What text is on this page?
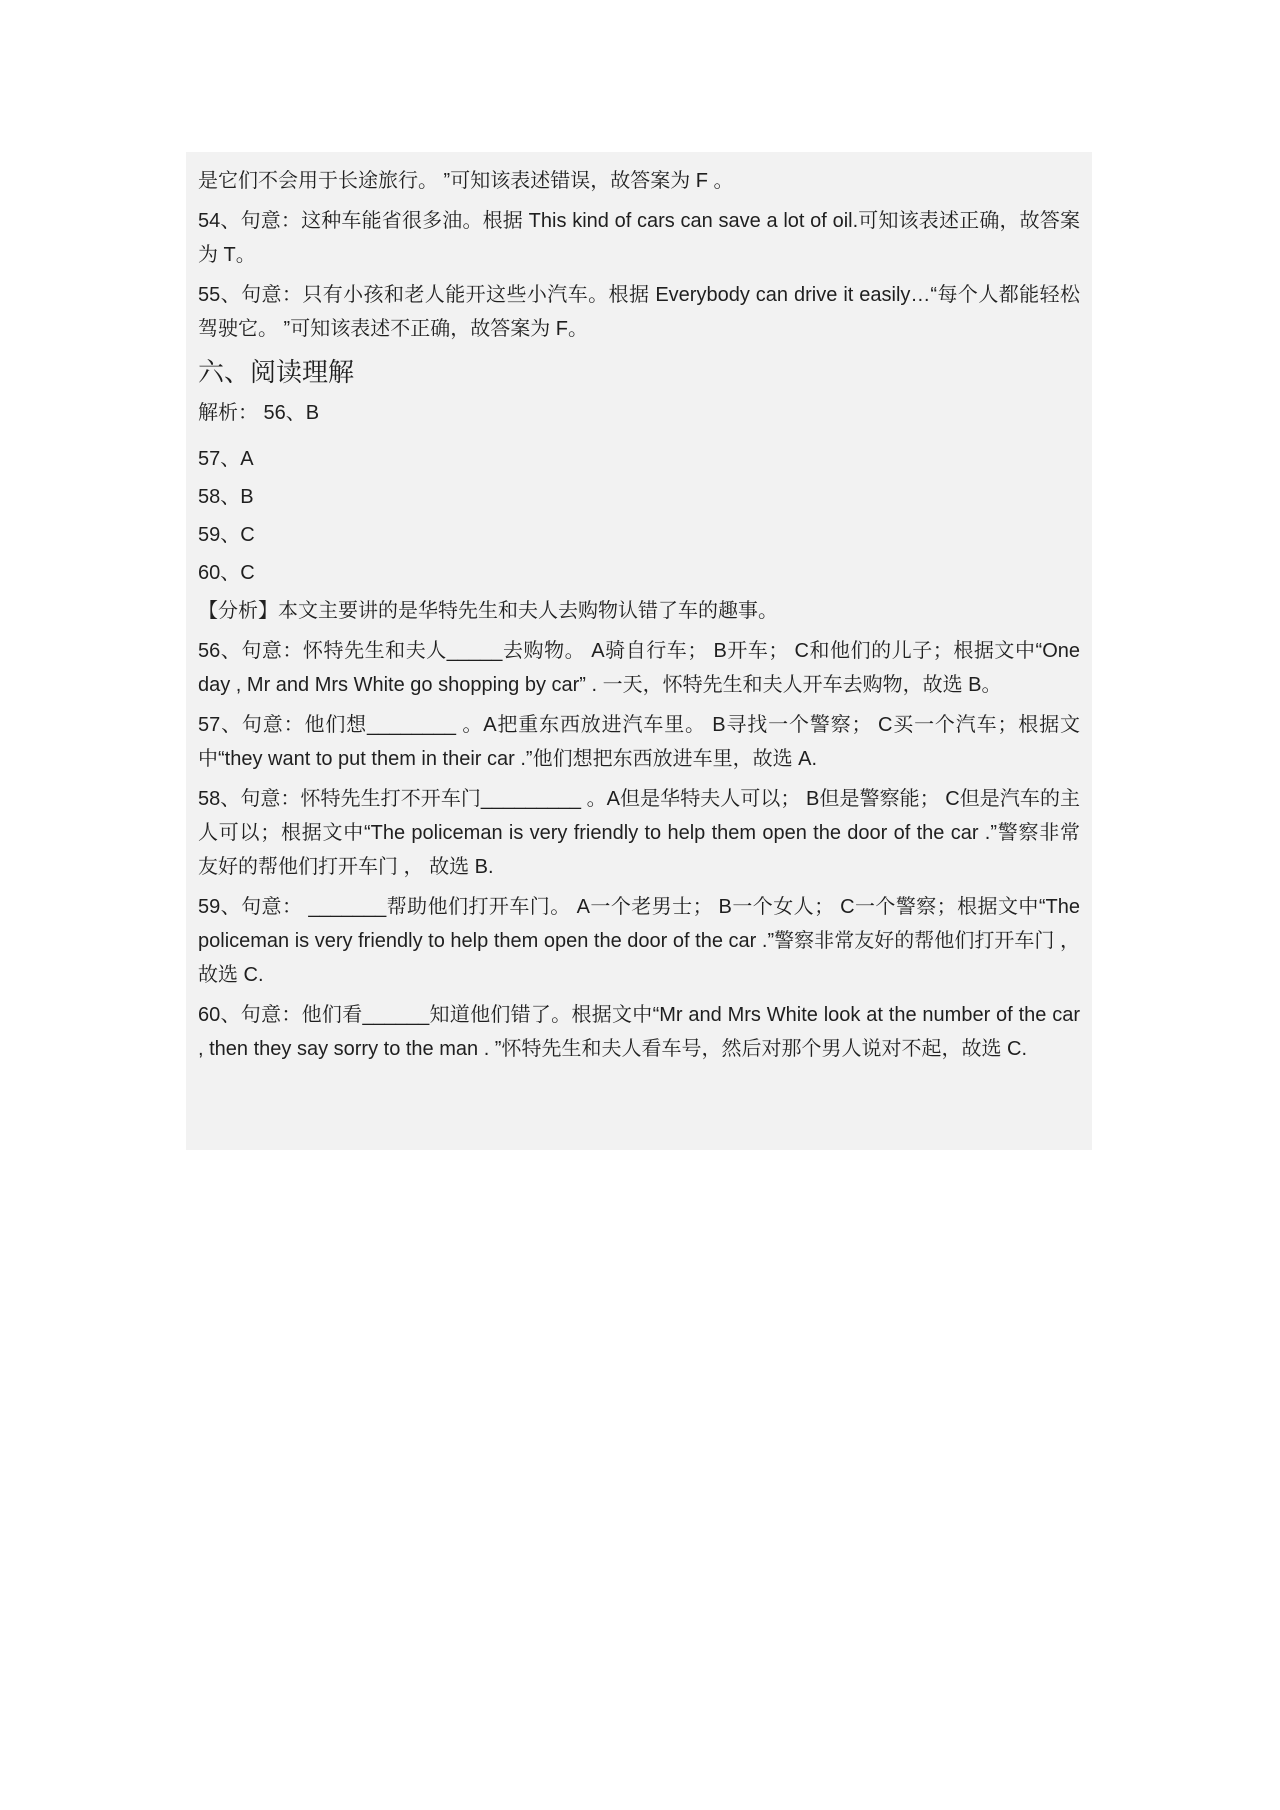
是它们不会用于长途旅行。 ”可知该表述错误，故答案为 F 。

54、句意：这种车能省很多油。根据 This kind of cars can save a lot of oil.可知该表述正确，故答案为 T。

55、句意：只有小孩和老人能开这些小汽车。根据 Everybody can drive it easily…“每个人都能轻松驾驶它。 ”可知该表述不正确，故答案为 F。

六、阅读理解

解析： 56、B

57、A

58、B

59、C

60、C

【分析】本文主要讲的是华特先生和夫人去购物认错了车的趣事。

56、句意：怀特先生和夫人_____去购物。 A骑自行车； B开车； C和他们的儿子；根据文中“One day , Mr and Mrs White go shopping by car” . 一天，怀特先生和夫人开车去购物，故选 B。

57、句意：他们想________ 。A把重东西放进汽车里。 B寻找一个警察； C买一个汽车；根据文中“they want to put them in their car .”他们想把东西放进车里，故选 A.

58、句意：怀特先生打不开车门_________ 。A但是华特夫人可以； B但是警察能； C但是汽车的主人可以；根据文中“The policeman is very friendly to help them open the door of the car .”警察非常友好的帮他们打开车门 ， 故选 B.

59、句意： _______帮助他们打开车门。 A一个老男士； B一个女人； C一个警察；根据文中“The policeman is very friendly to help them open the door of the car .”警察非常友好的帮他们打开车门 ， 故选 C.

60、句意：他们看______知道他们错了。根据文中“Mr and Mrs White look at the number of the car , then they say sorry to the man . ”怀特先生和夫人看车号，然后对那个男人说对不起，故选 C.
